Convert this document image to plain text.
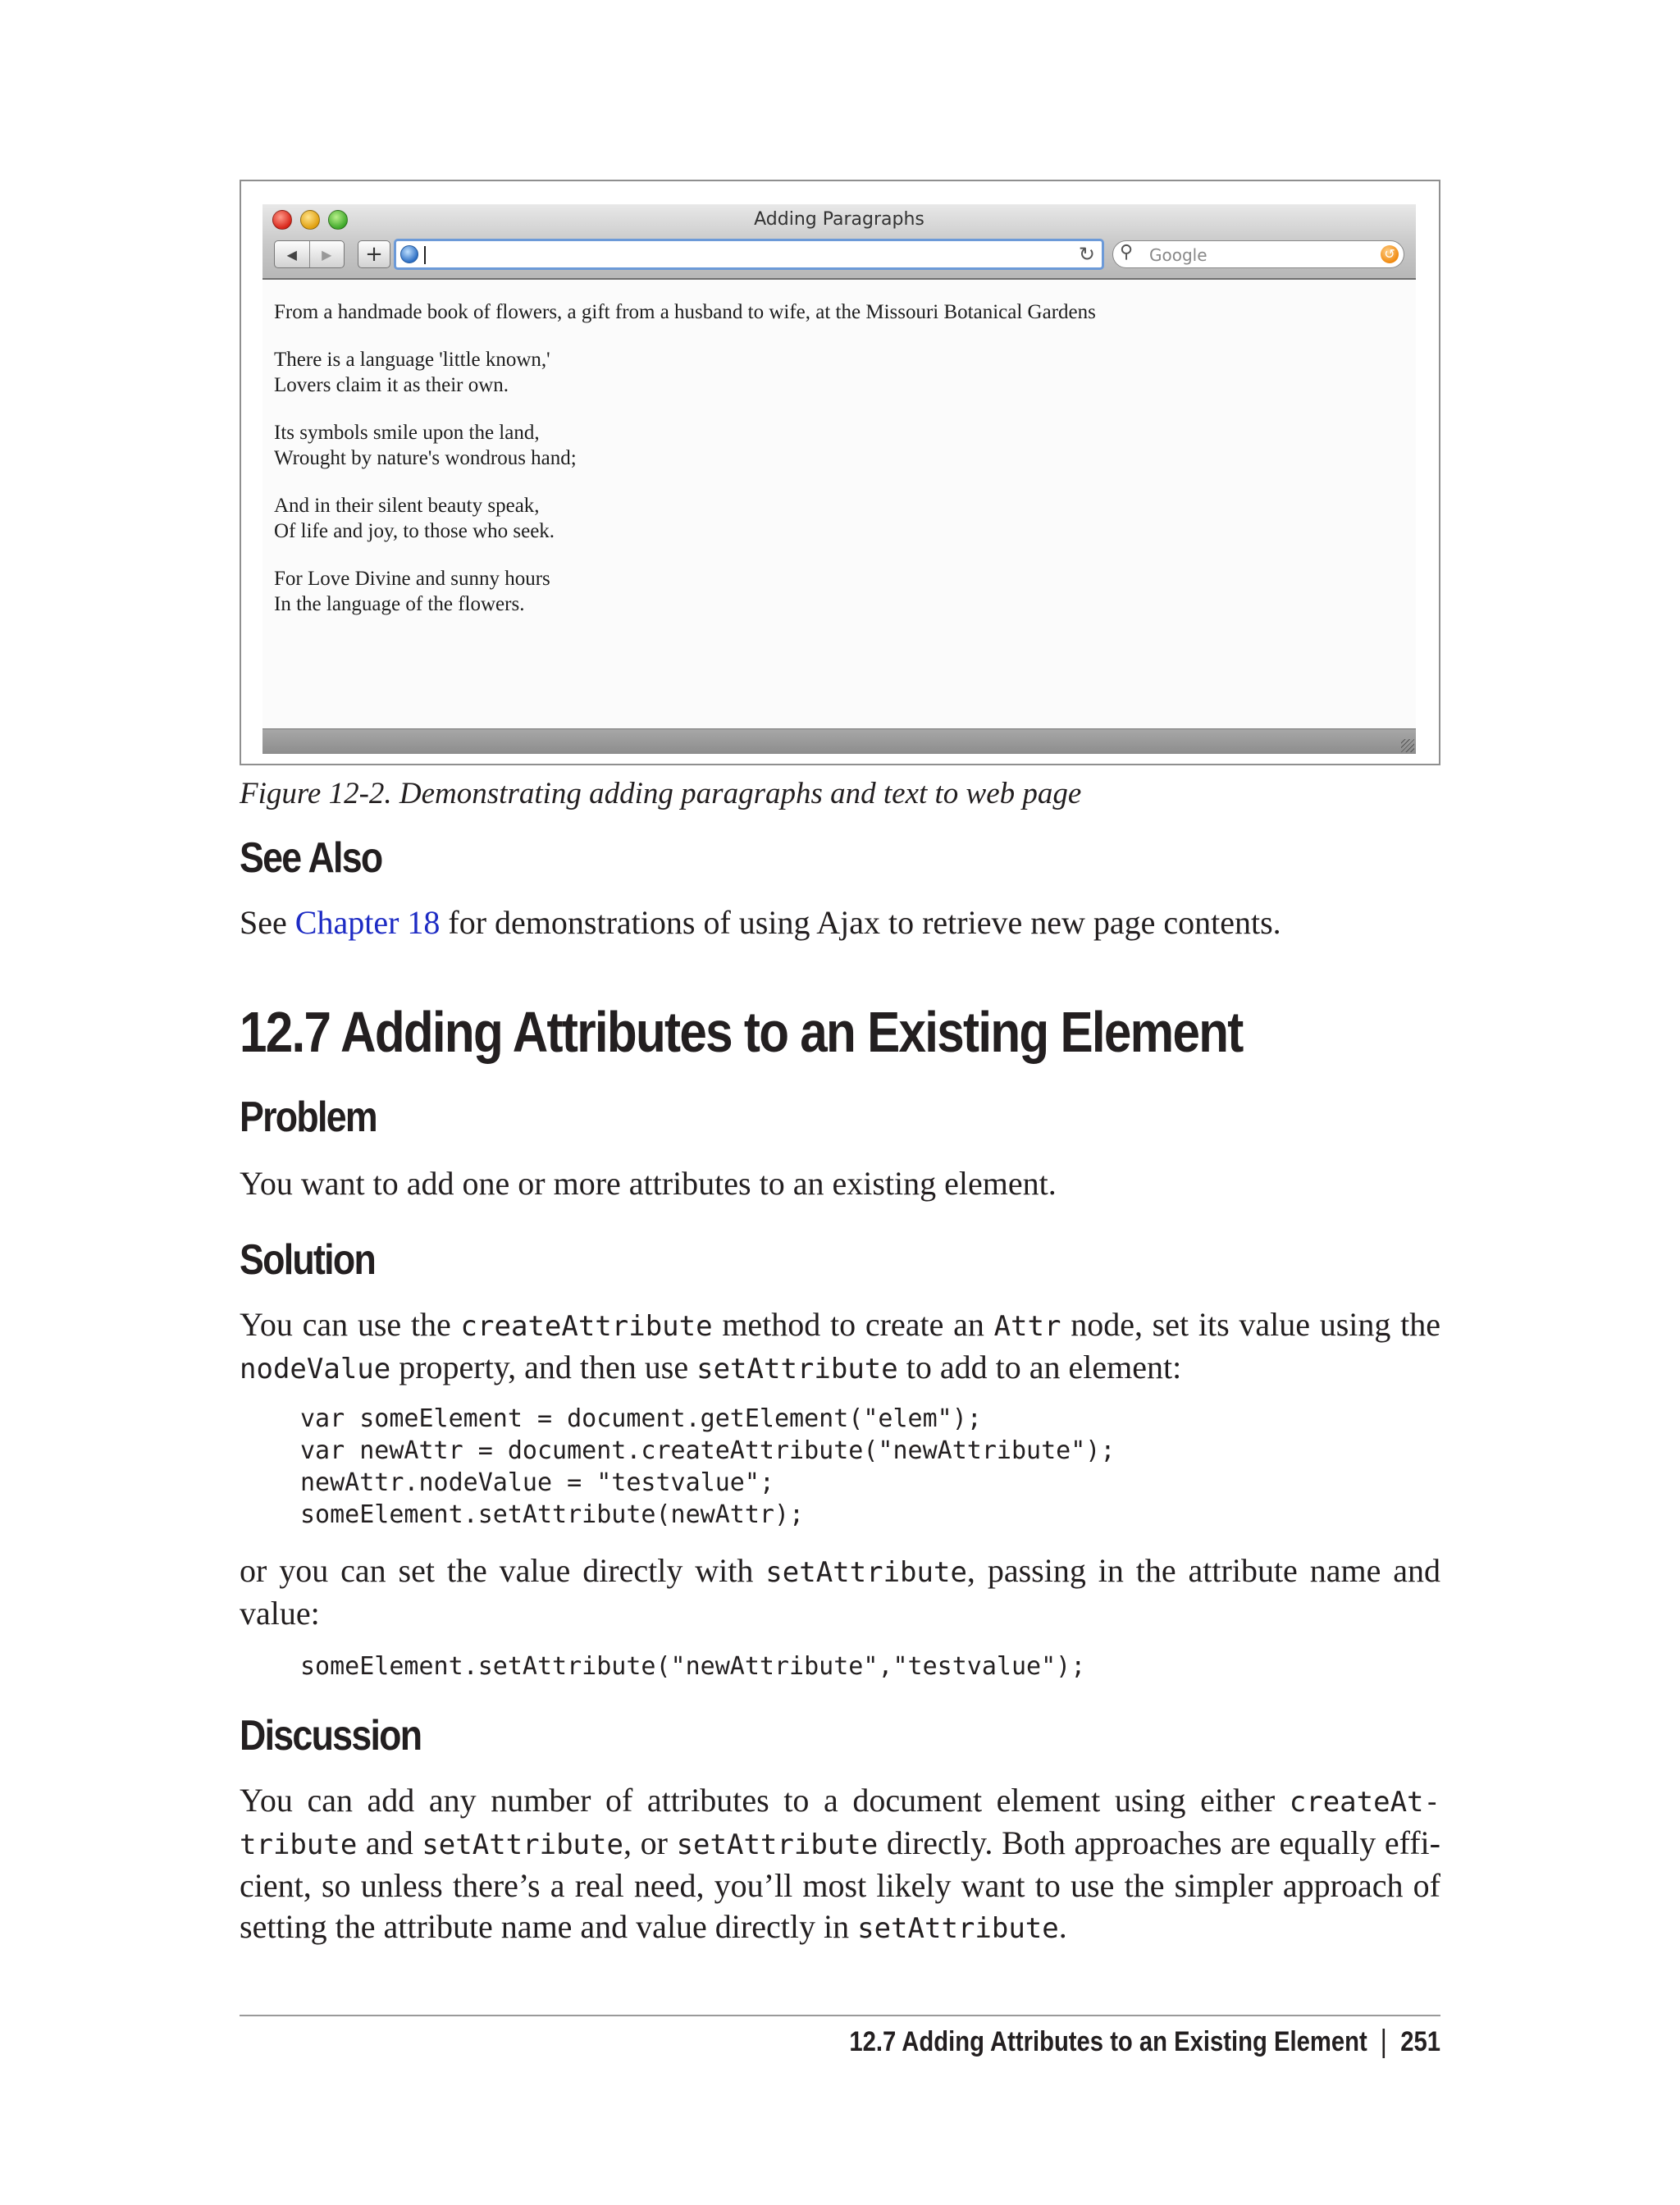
Adding Paragraphs
◀	▶	+	↻ ⚲ Google	↺

From a handmade book of flowers, a gift from a husband to wife, at the Missouri Botanical Gardens

There is a language 'little known,'
Lovers claim it as their own.

Its symbols smile upon the land,
Wrought by nature's wondrous hand;

And in their silent beauty speak,
Of life and joy, to those who seek.

For Love Divine and sunny hours
In the language of the flowers.

Figure 12-2. Demonstrating adding paragraphs and text to web page
See Also

See Chapter 18 for demonstrations of using Ajax to retrieve new page contents.

12.7 Adding Attributes to an Existing Element
Problem

You want to add one or more attributes to an existing element.

Solution

You can use the createAttribute method to create an Attr node, set its value using the nodeValue property, and then use setAttribute to add to an element:

var someElement = document.getElement("elem");
var newAttr = document.createAttribute("newAttribute");
newAttr.nodeValue = "testvalue";
someElement.setAttribute(newAttr);

or you can set the value directly with setAttribute, passing in the attribute name and value:

someElement.setAttribute("newAttribute","testvalue");
Discussion

You can add any number of attributes to a document element using either createAttribute and setAttribute, or setAttribute directly. Both approaches are equally efficient, so unless there’s a real need, you’ll most likely want to use the simpler approach of setting the attribute name and value directly in setAttribute.

12.7 Adding Attributes to an Existing Element 251
